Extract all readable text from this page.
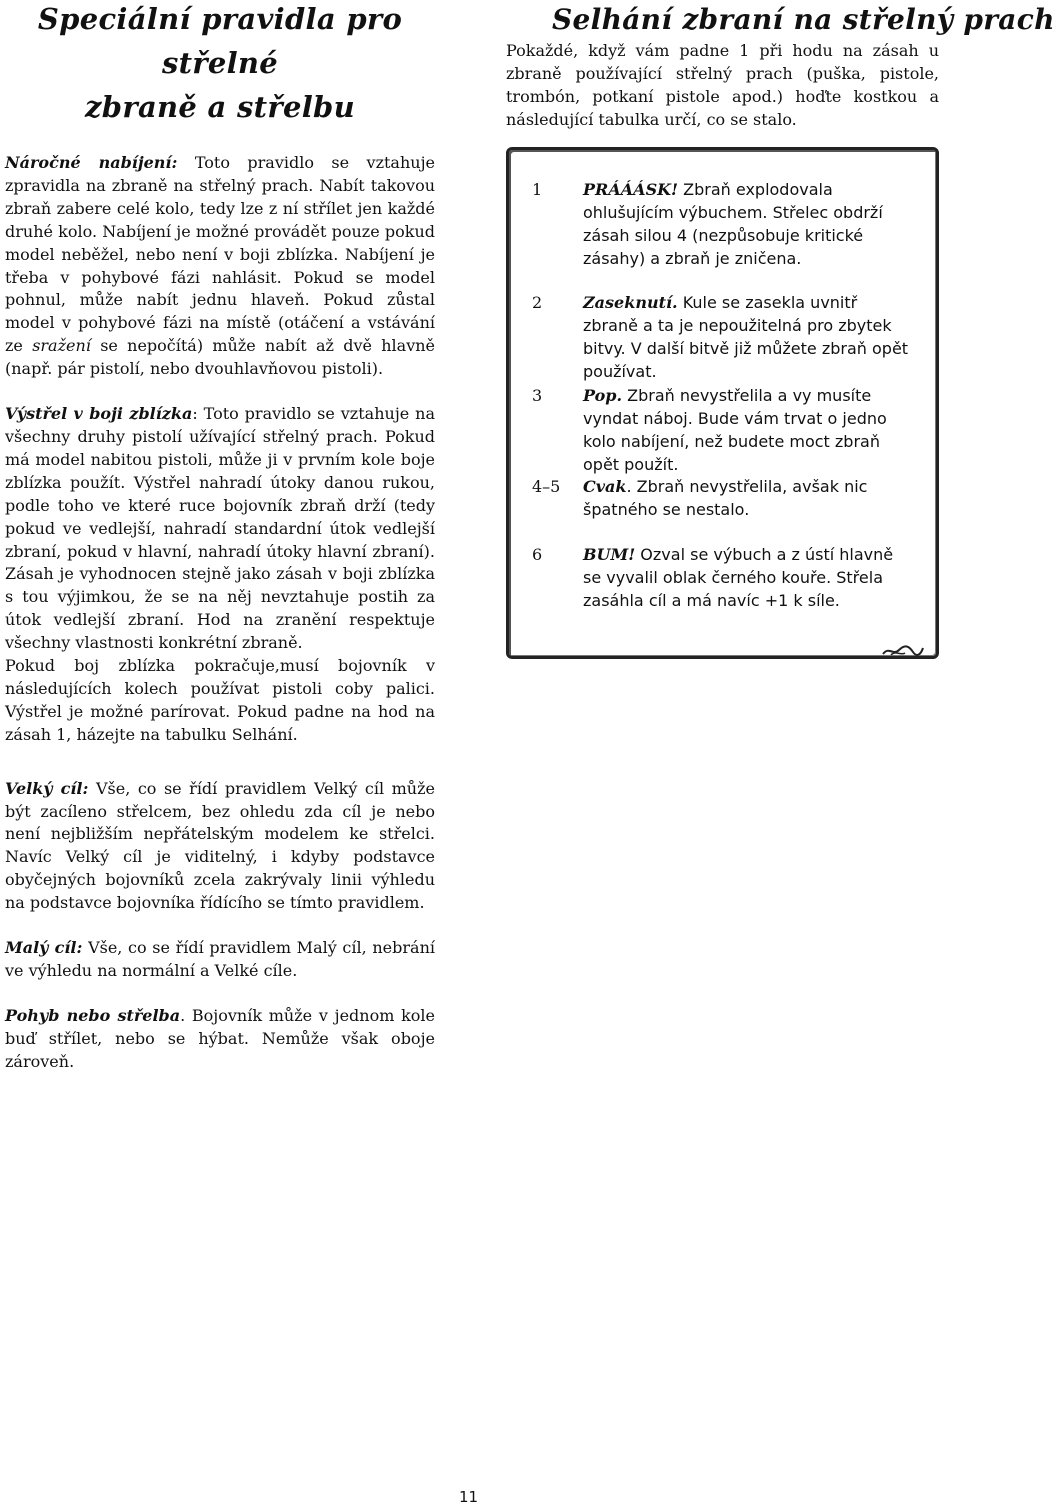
Speciální pravidla pro střelné
zbraně a střelbu

Náročné nabíjení: Toto pravidlo se vztahuje zpravidla na zbraně na střelný prach. Nabít takovou zbraň zabere celé kolo, tedy lze z ní střílet jen každé druhé kolo. Nabíjení je možné provádět pouze pokud model neběžel, nebo není v boji zblízka. Nabíjení je třeba v pohybové fázi nahlásit. Pokud se model pohnul, může nabít jednu hlaveň. Pokud zůstal model v pohybové fázi na místě (otáčení a vstávání ze sražení se nepočítá) může nabít až dvě hlavně (např. pár pistolí, nebo dvouhlavňovou pistoli).

Výstřel v boji zblízka: Toto pravidlo se vztahuje na všechny druhy pistolí užívající střelný prach. Pokud má model nabitou pistoli, může ji v prvním kole boje zblízka použít. Výstřel nahradí útoky danou rukou, podle toho ve které ruce bojovník zbraň drží (tedy pokud ve vedlejší, nahradí standardní útok vedlejší zbraní, pokud v hlavní, nahradí útoky hlavní zbraní). Zásah je vyhodnocen stejně jako zásah v boji zblízka s tou výjimkou, že se na něj nevztahuje postih za útok vedlejší zbraní. Hod na zranění respektuje všechny vlastnosti konkrétní zbraně.
Pokud boj zblízka pokračuje,musí bojovník v následujících kolech používat pistoli coby palici. Výstřel je možné parírovat. Pokud padne na hod na zásah 1, házejte na tabulku Selhání.

Velký cíl: Vše, co se řídí pravidlem Velký cíl může být zacíleno střelcem, bez ohledu zda cíl je nebo není nejbližším nepřátelským modelem ke střelci. Navíc Velký cíl je viditelný, i kdyby podstavce obyčejných bojovníků zcela zakrývaly linii výhledu na podstavce bojovníka řídícího se tímto pravidlem.

Malý cíl: Vše, co se řídí pravidlem Malý cíl, nebrání ve výhledu na normální a Velké cíle.

Pohyb nebo střelba. Bojovník může v jednom kole buď střílet, nebo se hýbat. Nemůže však oboje zároveň.

Selhání zbraní na střelný prach

Pokaždé, když vám padne 1 při hodu na zásah u zbraně používající střelný prach (puška, pistole, trombón, potkaní pistole apod.) hoďte kostkou a následující tabulka určí, co se stalo.

1	PRÁÁÁSK! Zbraň explodovala ohlušujícím výbuchem. Střelec obdrží zásah silou 4 (nezpůsobuje kritické zásahy) a zbraň je zničena.
2	Zaseknutí. Kule se zasekla uvnitř zbraně a ta je nepoužitelná pro zbytek bitvy. V další bitvě již můžete zbraň opět používat.
3	Pop. Zbraň nevystřelila a vy musíte vyndat náboj. Bude vám trvat o jedno kolo nabíjení, než budete moct zbraň opět použít.
4–5	Cvak. Zbraň nevystřelila, avšak nic špatného se nestalo.
6	BUM! Ozval se výbuch a z ústí hlavně se vyvalil oblak černého kouře. Střela zasáhla cíl a má navíc +1 k síle.
11
